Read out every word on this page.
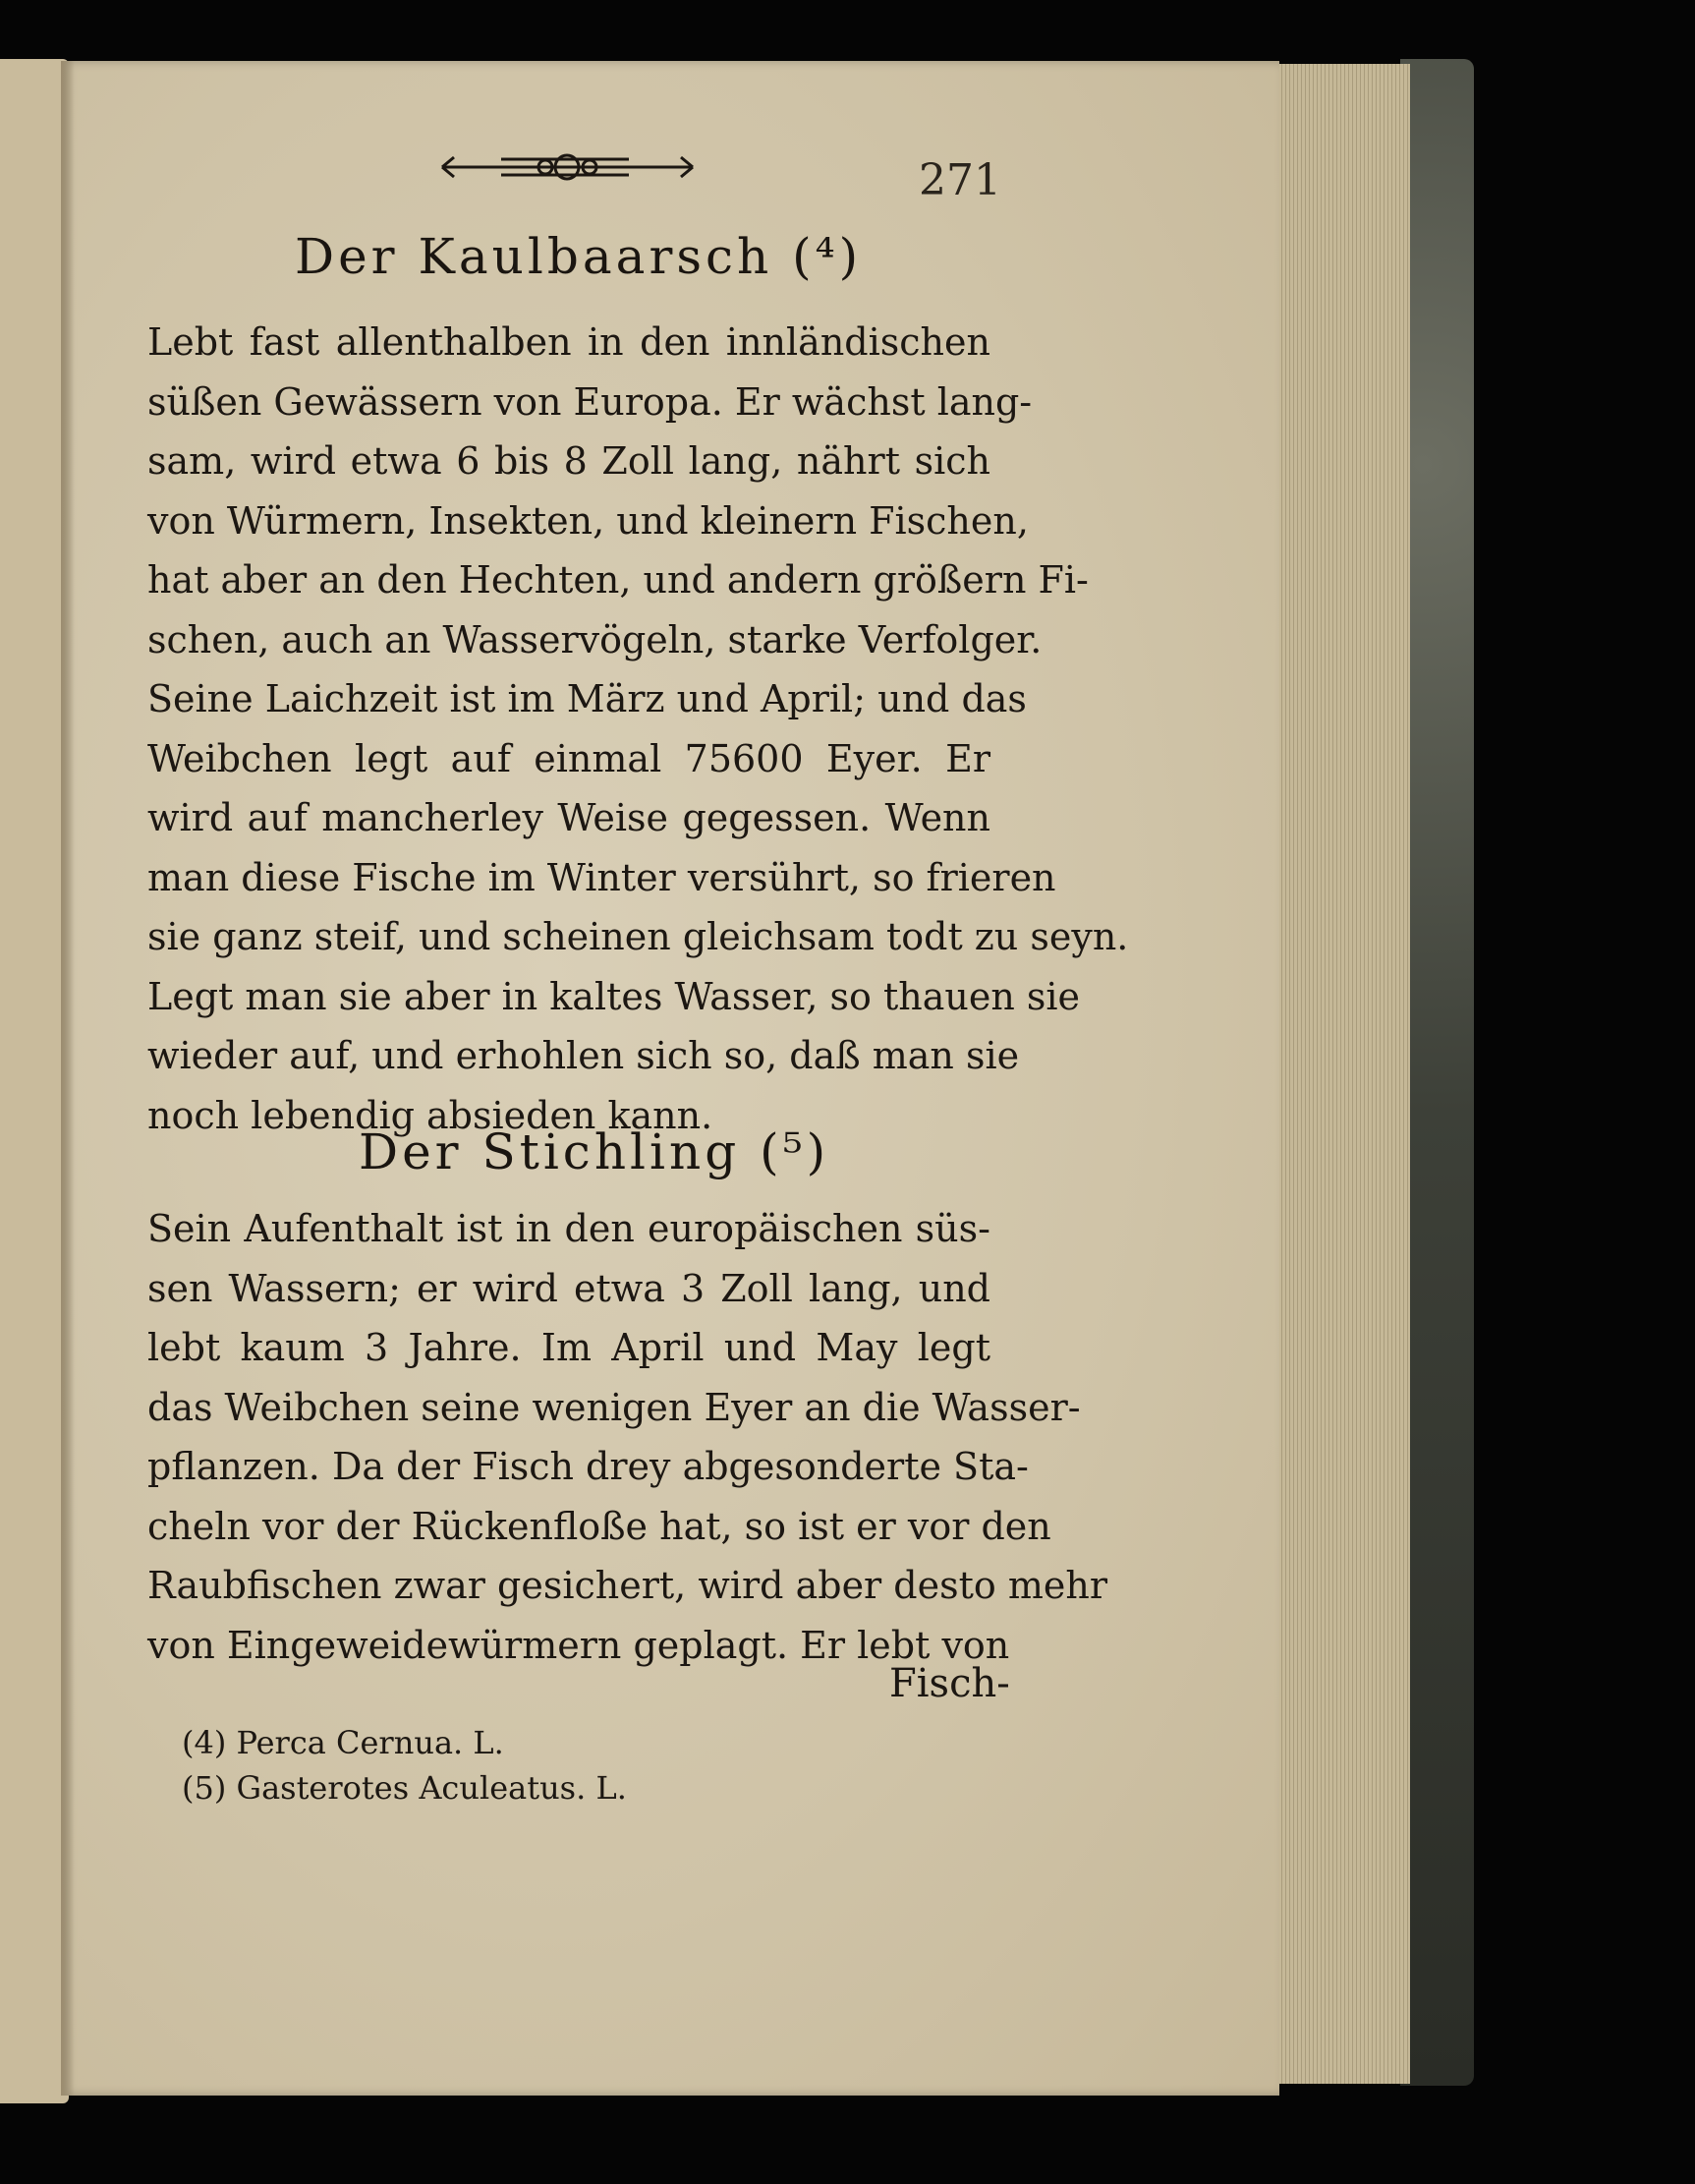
271
Der Kaulbaarsch (⁴)
Lebt fast allenthalben in den innländischen
süßen Gewässern von Europa. Er wächst lang-
sam, wird etwa 6 bis 8 Zoll lang, nährt sich
von Würmern, Insekten, und kleinern Fischen,
hat aber an den Hechten, und andern größern Fi-
schen, auch an Wasservögeln, starke Verfolger.
Seine Laichzeit ist im März und April; und das
Weibchen legt auf einmal 75600 Eyer. Er
wird auf mancherley Weise gegessen. Wenn
man diese Fische im Winter versührt, so frieren
sie ganz steif, und scheinen gleichsam todt zu seyn.
Legt man sie aber in kaltes Wasser, so thauen sie
wieder auf, und erhohlen sich so, daß man sie
noch lebendig absieden kann.
Der Stichling (⁵)
Sein Aufenthalt ist in den europäischen süs-
sen Wassern; er wird etwa 3 Zoll lang, und
lebt kaum 3 Jahre. Im April und May legt
das Weibchen seine wenigen Eyer an die Wasser-
pflanzen. Da der Fisch drey abgesonderte Sta-
cheln vor der Rückenfloße hat, so ist er vor den
Raubfischen zwar gesichert, wird aber desto mehr
von Eingeweidewürmern geplagt. Er lebt von
Fisch-
(4) Perca Cernua. L.
(5) Gasterotes Aculeatus. L.
